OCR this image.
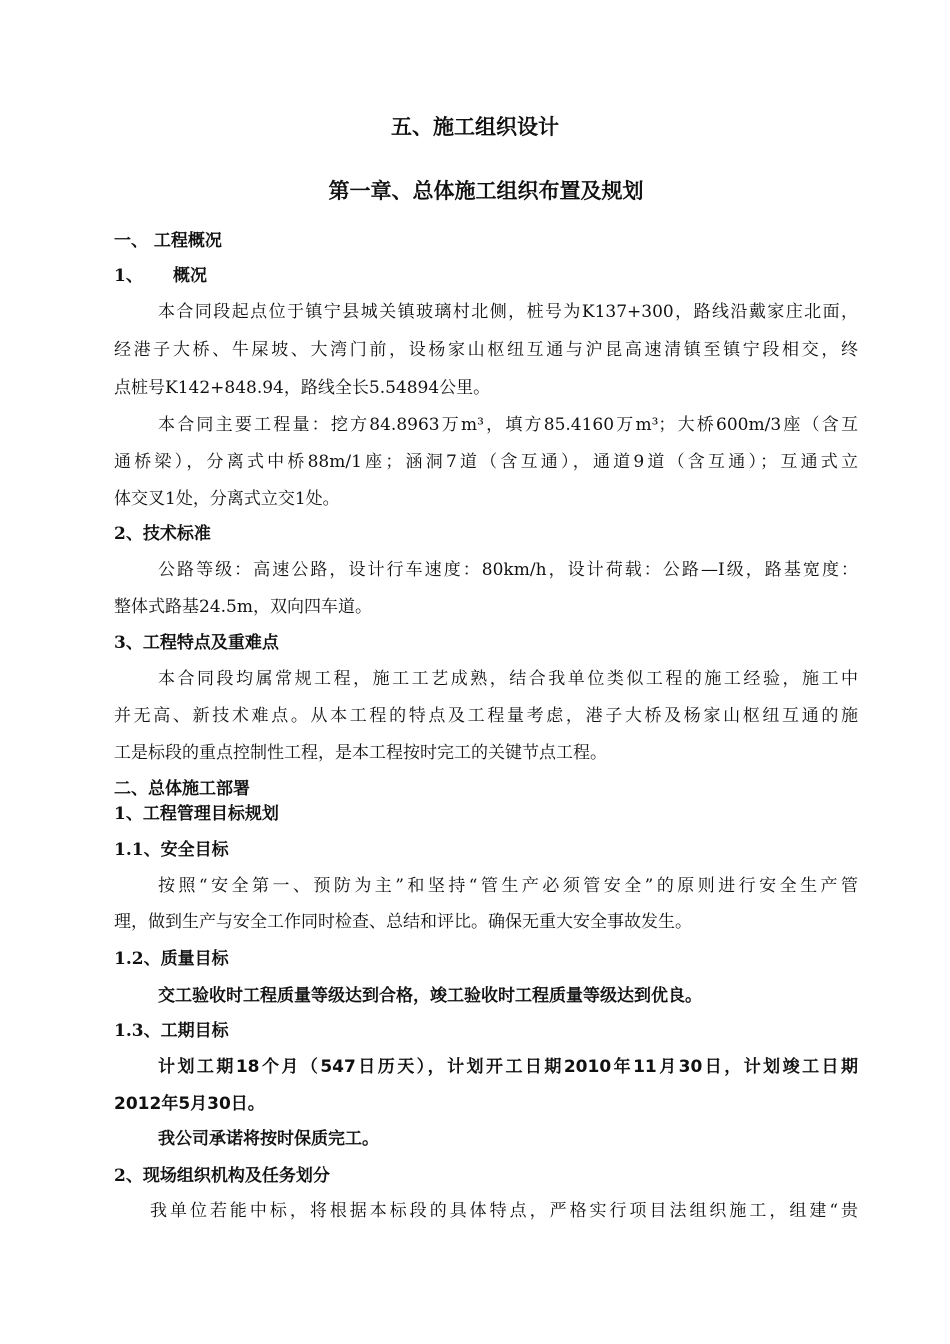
五、施工组织设计
第一章、总体施工组织布置及规划
一、 工程概况
1、 概况
本合同段起点位于镇宁县城关镇玻璃村北侧，桩号为K137+300，路线沿戴家庄北面，
经港子大桥、牛屎坡、大湾门前，设杨家山枢纽互通与沪昆高速清镇至镇宁段相交，终
点桩号K142+848.94，路线全长5.54894公里。
本合同主要工程量：挖方84.8963万m³，填方85.4160万m³；大桥600m/3座（含互
通桥梁），分离式中桥88m/1座；涵洞7道（含互通），通道9道（含互通）；互通式立
体交叉1处，分离式立交1处。
2、技术标准
公路等级：高速公路，设计行车速度：80km/h，设计荷载：公路—I级，路基宽度：
整体式路基24.5m，双向四车道。
3、工程特点及重难点
本合同段均属常规工程，施工工艺成熟，结合我单位类似工程的施工经验，施工中
并无高、新技术难点。从本工程的特点及工程量考虑，港子大桥及杨家山枢纽互通的施
工是标段的重点控制性工程，是本工程按时完工的关键节点工程。
二、总体施工部署
1、工程管理目标规划
1.1、安全目标
按照“安全第一、预防为主”和坚持“管生产必须管安全”的原则进行安全生产管
理，做到生产与安全工作同时检查、总结和评比。确保无重大安全事故发生。
1.2、质量目标
交工验收时工程质量等级达到合格，竣工验收时工程质量等级达到优良。
1.3、工期目标
计划工期18个月（547日历天），计划开工日期2010年11月30日，计划竣工日期
2012年5月30日。
我公司承诺将按时保质完工。
2、现场组织机构及任务划分
我单位若能中标，将根据本标段的具体特点，严格实行项目法组织施工，组建“贵
